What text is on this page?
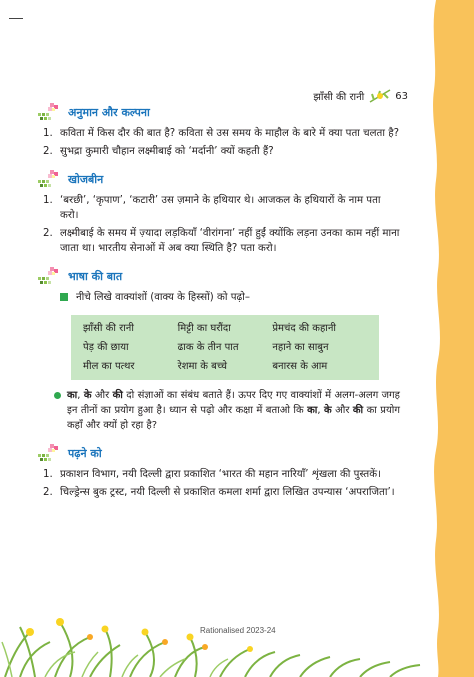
झाँसी की रानी	63
अनुमान और कल्पना
1. कविता में किस दौर की बात है? कविता से उस समय के माहौल के बारे में क्या पता चलता है?
2. सुभद्रा कुमारी चौहान लक्ष्मीबाई को ‘मर्दानी’ क्यों कहती हैं?
खोजबीन
1. ‘बरछी’, ‘कृपाण’, ‘कटारी’ उस ज़माने के हथियार थे। आजकल के हथियारों के नाम पता करो।
2. लक्ष्मीबाई के समय में ज़्यादा लड़कियाँ ‘वीरांगना’ नहीं हुईं क्योंकि लड़ना उनका काम नहीं माना जाता था। भारतीय सेनाओं में अब क्या स्थिति है? पता करो।
भाषा की बात
नीचे लिखे वाक्यांशों (वाक्य के हिस्सों) को पढ़ो–
झाँसी की रानी	मिट्टी का घरौंदा	प्रेमचंद की कहानी
पेड़ की छाया	ढाक के तीन पात	नहाने का साबुन
मील का पत्थर	रेशमा के बच्चे	बनारस के आम

का, के और की दो संज्ञाओं का संबंध बताते हैं। ऊपर दिए गए वाक्यांशों में अलग-अलग जगह इन तीनों का प्रयोग हुआ है। ध्यान से पढ़ो और कक्षा में बताओ कि का, के और की का प्रयोग कहाँ और क्यों हो रहा है?

पढ़ने को
1. प्रकाशन विभाग, नयी दिल्ली द्वारा प्रकाशित ‘भारत की महान नारियाँ’ शृंखला की पुस्तकें।
2. चिल्ड्रेन्स बुक ट्रस्ट, नयी दिल्ली से प्रकाशित कमला शर्मा द्वारा लिखित उपन्यास ‘अपराजिता’।
Rationalised 2023-24
